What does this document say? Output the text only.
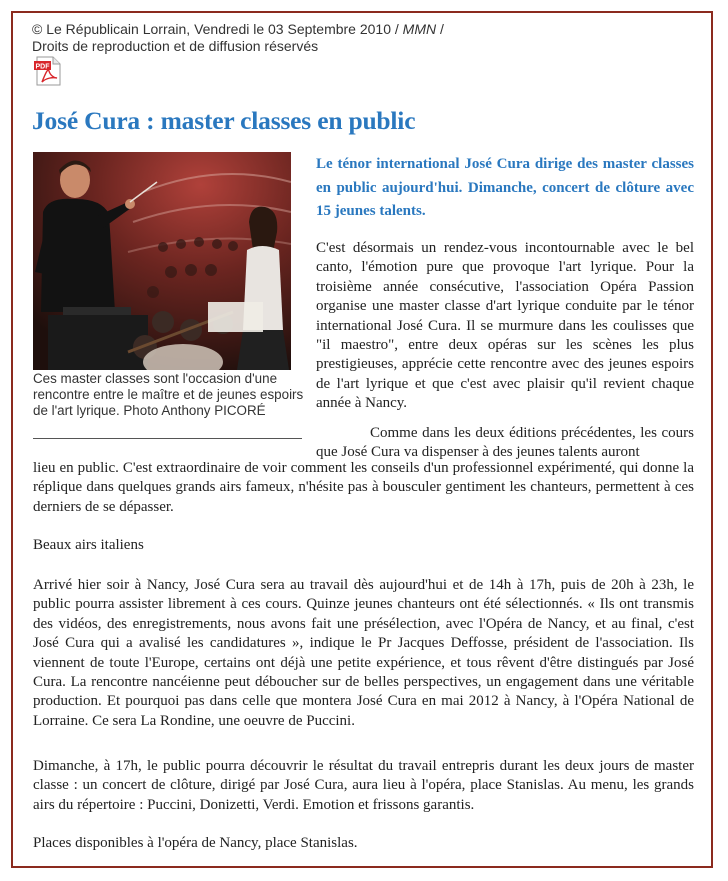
© Le Républicain Lorrain, Vendredi le 03 Septembre 2010 / MMN /
Droits de reproduction et de diffusion réservés
PDF
José Cura : master classes en public
Ces master classes sont l'occasion d'une rencontre entre le maître et de jeunes espoirs de l'art lyrique. Photo Anthony PICORÉ

Le ténor international José Cura dirige des master classes en public aujourd'hui. Dimanche, concert de clôture avec 15 jeunes talents.

C'est désormais un rendez-vous incontournable avec le bel canto, l'émotion pure que provoque l'art lyrique. Pour la troisième année consécutive, l'association Opéra Passion organise une master classe d'art lyrique conduite par le ténor international José Cura. Il se murmure dans les coulisses que "il maestro", entre deux opéras sur les scènes les plus prestigieuses, apprécie cette rencontre avec des jeunes espoirs de l'art lyrique et que c'est avec plaisir qu'il revient chaque année à Nancy.

Comme dans les deux éditions précédentes, les cours que José Cura va dispenser à des jeunes talents auront

lieu en public. C'est extraordinaire de voir comment les conseils d'un professionnel expérimenté, qui donne la réplique dans quelques grands airs fameux, n'hésite pas à bousculer gentiment les chanteurs, permettent à ces derniers de se dépasser.

Beaux airs italiens

Arrivé hier soir à Nancy, José Cura sera au travail dès aujourd'hui et de 14h à 17h, puis de 20h à 23h, le public pourra assister librement à ces cours. Quinze jeunes chanteurs ont été sélectionnés. « Ils ont transmis des vidéos, des enregistrements, nous avons fait une présélection, avec l'Opéra de Nancy, et au final, c'est José Cura qui a avalisé les candidatures », indique le Pr Jacques Deffosse, président de l'association. Ils viennent de toute l'Europe, certains ont déjà une petite expérience, et tous rêvent d'être distingués par José Cura. La rencontre nancéienne peut déboucher sur de belles perspectives, un engagement dans une véritable production. Et pourquoi pas dans celle que montera José Cura en mai 2012 à Nancy, à l'Opéra National de Lorraine. Ce sera La Rondine, une oeuvre de Puccini.

Dimanche, à 17h, le public pourra découvrir le résultat du travail entrepris durant les deux jours de master classe : un concert de clôture, dirigé par José Cura, aura lieu à l'opéra, place Stanislas. Au menu, les grands airs du répertoire : Puccini, Donizetti, Verdi. Emotion et frissons garantis.

Places disponibles à l'opéra de Nancy, place Stanislas.
